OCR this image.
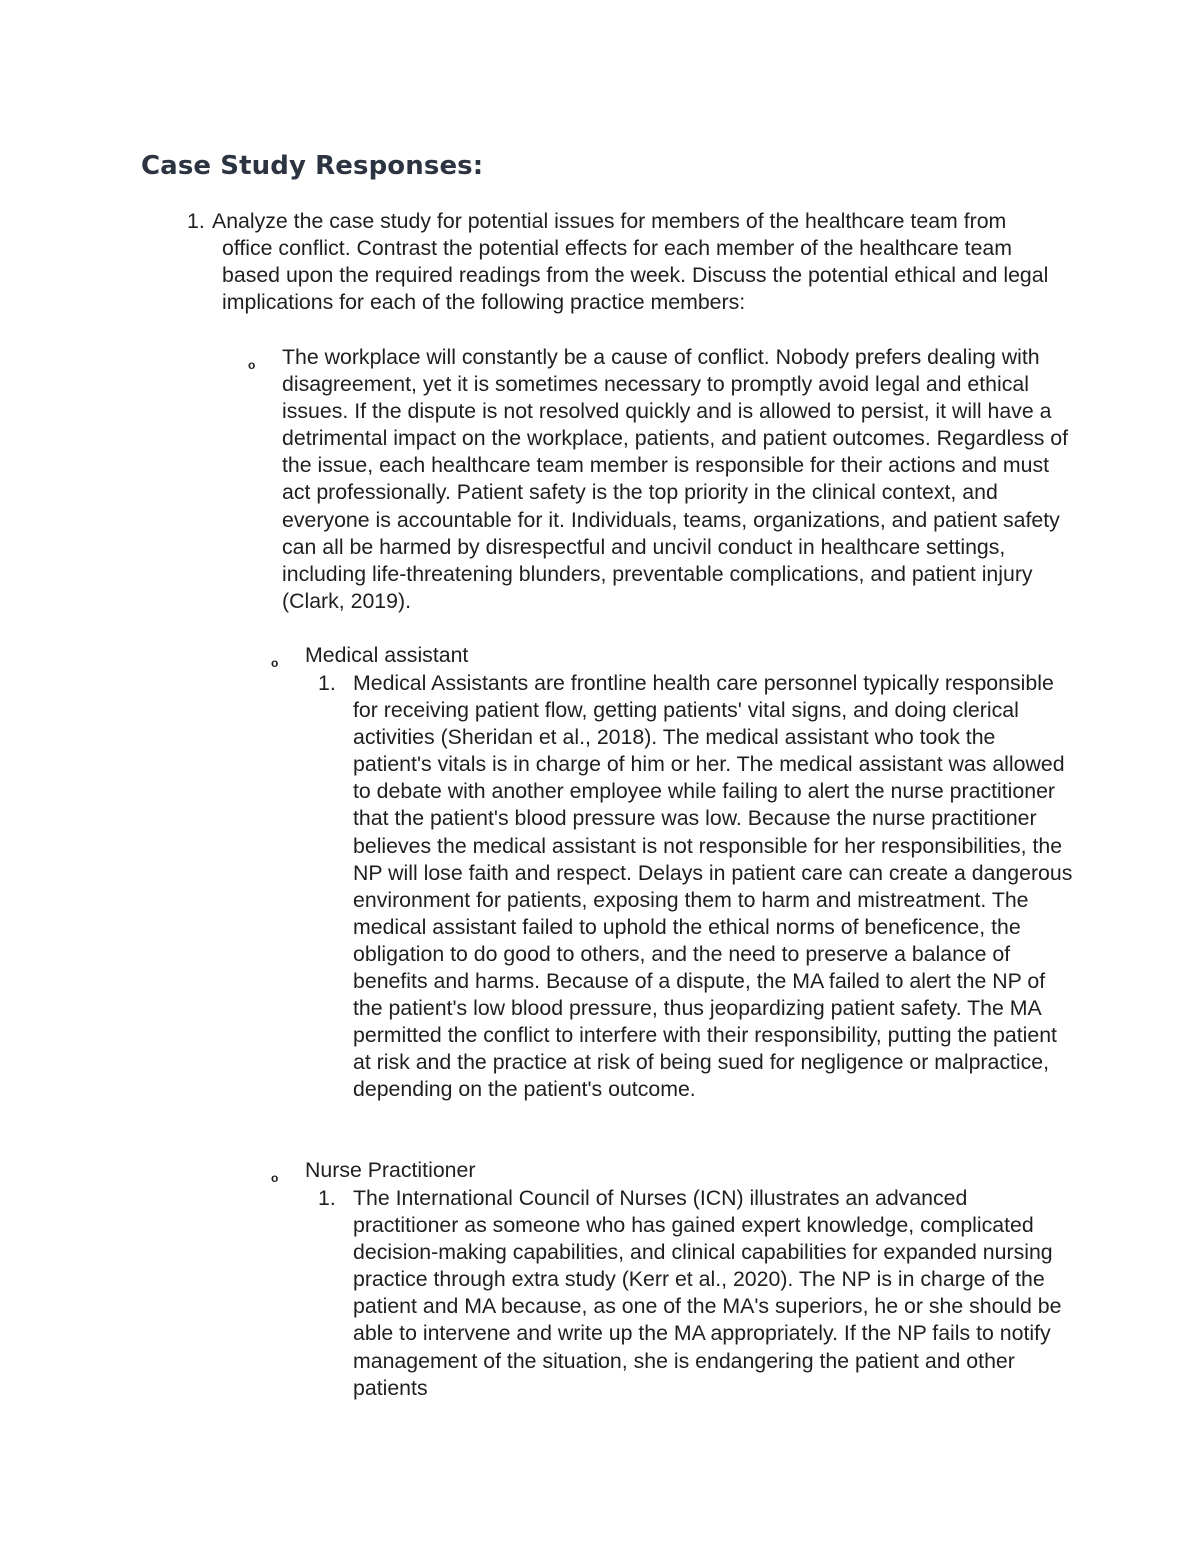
Case Study Responses:
1. Analyze the case study for potential issues for members of the healthcare team from office conflict. Contrast the potential effects for each member of the healthcare team based upon the required readings from the week. Discuss the potential ethical and legal implications for each of the following practice members:
o The workplace will constantly be a cause of conflict. Nobody prefers dealing with disagreement, yet it is sometimes necessary to promptly avoid legal and ethical issues. If the dispute is not resolved quickly and is allowed to persist, it will have a detrimental impact on the workplace, patients, and patient outcomes. Regardless of the issue, each healthcare team member is responsible for their actions and must act professionally. Patient safety is the top priority in the clinical context, and everyone is accountable for it. Individuals, teams, organizations, and patient safety can all be harmed by disrespectful and uncivil conduct in healthcare settings, including life-threatening blunders, preventable complications, and patient injury (Clark, 2019).
o Medical assistant
1. Medical Assistants are frontline health care personnel typically responsible for receiving patient flow, getting patients' vital signs, and doing clerical activities (Sheridan et al., 2018). The medical assistant who took the patient's vitals is in charge of him or her. The medical assistant was allowed to debate with another employee while failing to alert the nurse practitioner that the patient's blood pressure was low. Because the nurse practitioner believes the medical assistant is not responsible for her responsibilities, the NP will lose faith and respect. Delays in patient care can create a dangerous environment for patients, exposing them to harm and mistreatment. The medical assistant failed to uphold the ethical norms of beneficence, the obligation to do good to others, and the need to preserve a balance of benefits and harms. Because of a dispute, the MA failed to alert the NP of the patient's low blood pressure, thus jeopardizing patient safety. The MA permitted the conflict to interfere with their responsibility, putting the patient at risk and the practice at risk of being sued for negligence or malpractice, depending on the patient's outcome.
o Nurse Practitioner
1. The International Council of Nurses (ICN) illustrates an advanced practitioner as someone who has gained expert knowledge, complicated decision-making capabilities, and clinical capabilities for expanded nursing practice through extra study (Kerr et al., 2020). The NP is in charge of the patient and MA because, as one of the MA's superiors, he or she should be able to intervene and write up the MA appropriately. If the NP fails to notify management of the situation, she is endangering the patient and other patients
